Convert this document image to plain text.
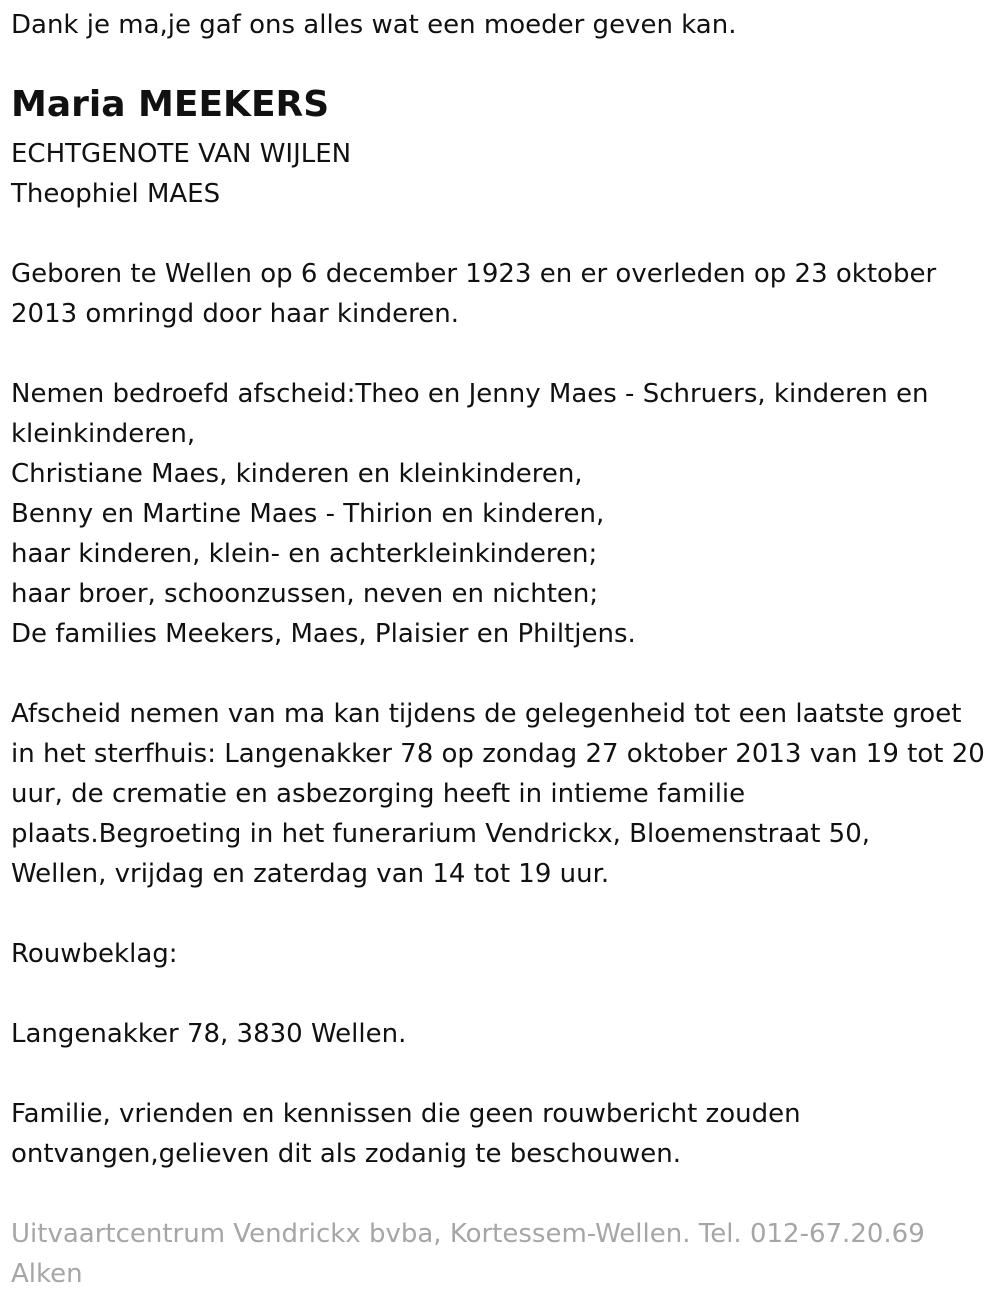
Dank je ma,je gaf ons alles wat een moeder geven kan.
Maria MEEKERS
ECHTGENOTE VAN WIJLEN
Theophiel MAES
Geboren te Wellen op 6 december 1923 en er overleden op 23 oktober
2013 omringd door haar kinderen.
Nemen bedroefd afscheid:Theo en Jenny Maes - Schruers, kinderen en
kleinkinderen,
Christiane Maes, kinderen en kleinkinderen,
Benny en Martine Maes - Thirion en kinderen,
haar kinderen, klein- en achterkleinkinderen;
haar broer, schoonzussen, neven en nichten;
De families Meekers, Maes, Plaisier en Philtjens.
Afscheid nemen van ma kan tijdens de gelegenheid tot een laatste groet
in het sterfhuis: Langenakker 78 op zondag 27 oktober 2013 van 19 tot 20
uur, de crematie en asbezorging heeft in intieme familie
plaats.Begroeting in het funerarium Vendrickx, Bloemenstraat 50,
Wellen, vrijdag en zaterdag van 14 tot 19 uur.
Rouwbeklag:
Langenakker 78, 3830 Wellen.
Familie, vrienden en kennissen die geen rouwbericht zouden
ontvangen,gelieven dit als zodanig te beschouwen.
Uitvaartcentrum Vendrickx bvba, Kortessem-Wellen. Tel. 012-67.20.69
Alken
